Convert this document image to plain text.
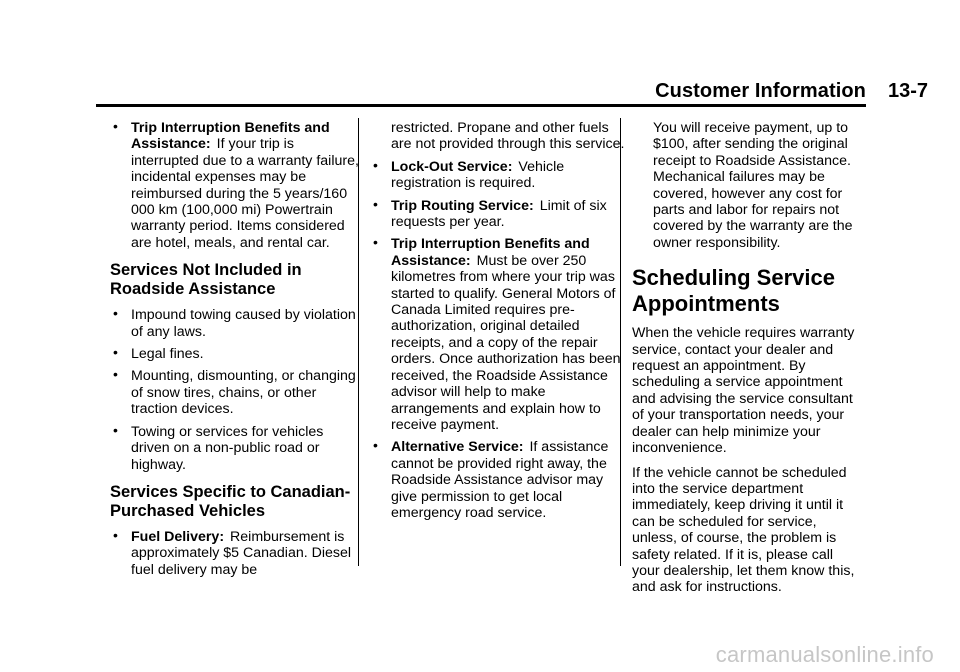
Customer Information 13-7
• Trip Interruption Benefits and Assistance: If your trip is interrupted due to a warranty failure, incidental expenses may be reimbursed during the 5 years/160 000 km (100,000 mi) Powertrain warranty period. Items considered are hotel, meals, and rental car.
Services Not Included in Roadside Assistance
• Impound towing caused by violation of any laws.
• Legal fines.
• Mounting, dismounting, or changing of snow tires, chains, or other traction devices.
• Towing or services for vehicles driven on a non-public road or highway.
Services Specific to Canadian-Purchased Vehicles
• Fuel Delivery: Reimbursement is approximately $5 Canadian. Diesel fuel delivery may be
restricted. Propane and other fuels are not provided through this service.
• Lock-Out Service: Vehicle registration is required.
• Trip Routing Service: Limit of six requests per year.
• Trip Interruption Benefits and Assistance: Must be over 250 kilometres from where your trip was started to qualify. General Motors of Canada Limited requires pre-authorization, original detailed receipts, and a copy of the repair orders. Once authorization has been received, the Roadside Assistance advisor will help to make arrangements and explain how to receive payment.
• Alternative Service: If assistance cannot be provided right away, the Roadside Assistance advisor may give permission to get local emergency road service.
You will receive payment, up to $100, after sending the original receipt to Roadside Assistance. Mechanical failures may be covered, however any cost for parts and labor for repairs not covered by the warranty are the owner responsibility.
Scheduling Service Appointments

When the vehicle requires warranty service, contact your dealer and request an appointment. By scheduling a service appointment and advising the service consultant of your transportation needs, your dealer can help minimize your inconvenience.

If the vehicle cannot be scheduled into the service department immediately, keep driving it until it can be scheduled for service, unless, of course, the problem is safety related. If it is, please call your dealership, let them know this, and ask for instructions.

carmanualsonline.info
